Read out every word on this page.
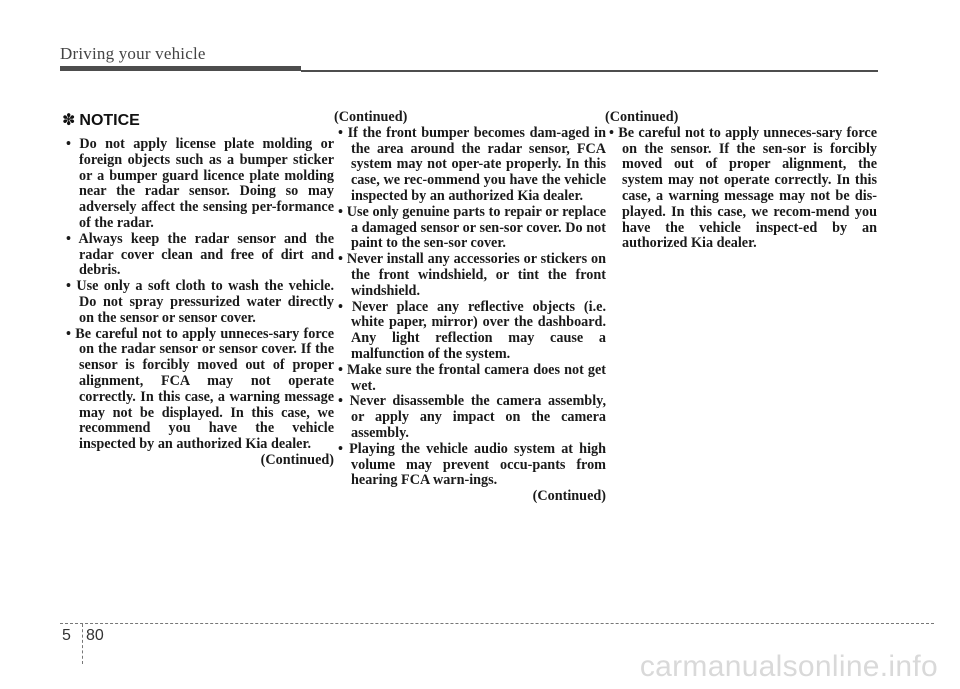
Driving your vehicle
✽ NOTICE
• Do not apply license plate molding or foreign objects such as a bumper sticker or a bumper guard licence plate molding near the radar sensor. Doing so may adversely affect the sensing per-formance of the radar.
• Always keep the radar sensor and the radar cover clean and free of dirt and debris.
• Use only a soft cloth to wash the vehicle. Do not spray pressurized water directly on the sensor or sensor cover.
• Be careful not to apply unneces-sary force on the radar sensor or sensor cover. If the sensor is forcibly moved out of proper alignment, FCA may not operate correctly. In this case, a warning message may not be displayed. In this case, we recommend you have the vehicle inspected by an authorized Kia dealer.
(Continued)
(Continued)
• If the front bumper becomes dam-aged in the area around the radar sensor, FCA system may not oper-ate properly. In this case, we rec-ommend you have the vehicle inspected by an authorized Kia dealer.
• Use only genuine parts to repair or replace a damaged sensor or sen-sor cover. Do not paint to the sen-sor cover.
• Never install any accessories or stickers on the front windshield, or tint the front windshield.
• Never place any reflective objects (i.e. white paper, mirror) over the dashboard. Any light reflection may cause a malfunction of the system.
• Make sure the frontal camera does not get wet.
• Never disassemble the camera assembly, or apply any impact on the camera assembly.
• Playing the vehicle audio system at high volume may prevent occu-pants from hearing FCA warn-ings.
(Continued)
(Continued)
• Be careful not to apply unneces-sary force on the sensor. If the sen-sor is forcibly moved out of proper alignment, the system may not operate correctly. In this case, a warning message may not be dis-played. In this case, we recom-mend you have the vehicle inspect-ed by an authorized Kia dealer.
5 80
carmanualsonline.info
